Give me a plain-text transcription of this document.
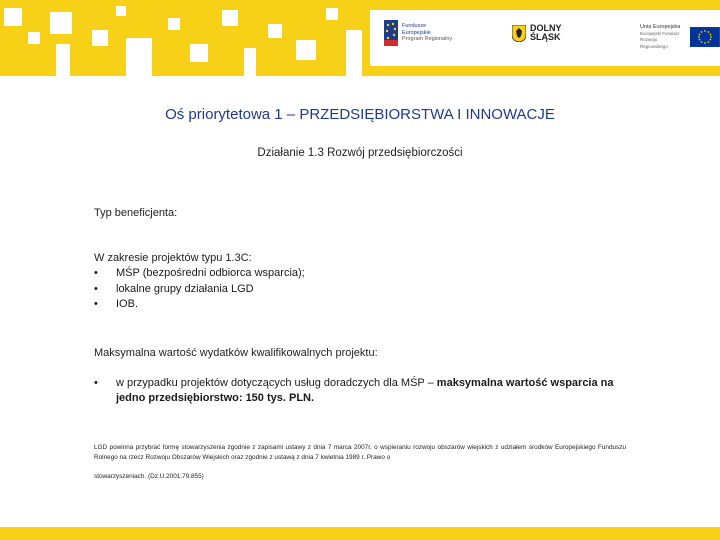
Fundusze
Europejskie
Program Regionalny
DOLNY
ŚLĄSK
Unia Europejska
Europejski Fundusz
Rozwoju Regionalnego
Oś priorytetowa 1 – PRZEDSIĘBIORSTWA I INNOWACJE
Działanie 1.3 Rozwój przedsiębiorczości
Typ beneficjenta:
W zakresie projektów typu 1.3C:
• MŚP (bezpośredni odbiorca wsparcia);
• lokalne grupy działania LGD
• IOB.
Maksymalna wartość wydatków kwalifikowalnych projektu:
• w przypadku projektów dotyczących usług doradczych dla MŚP – maksymalna wartość wsparcia na jedno przedsiębiorstwo: 150 tys. PLN.
LGD powinna przybrać formę stowarzyszenia zgodnie z zapisami ustawy z dnia 7 marca 2007r. o wspieraniu rozwoju obszarów wiejskich z udziałem środków Europejskiego Funduszu Rolnego na rzecz Rozwoju Obszarów Wiejskich oraz zgodnie z ustawą z dnia 7 kwietnia 1989 r. Prawo o
stowarzyszeniach. (Dz.U.2001.79.855)
